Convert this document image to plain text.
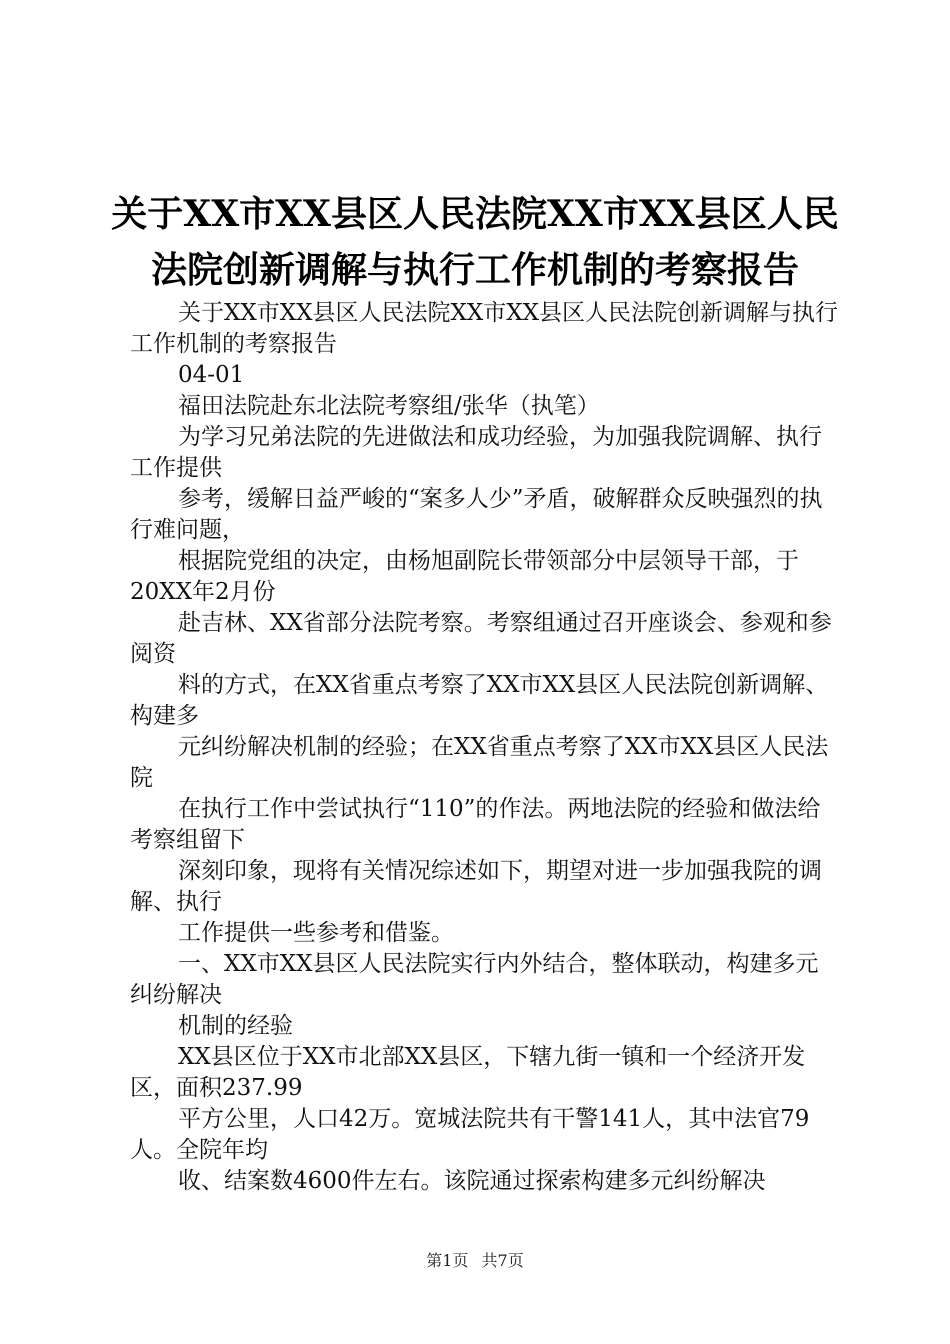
关于XX市XX县区人民法院XX市XX县区人民法院创新调解与执行工作机制的考察报告

关于XX市XX县区人民法院XX市XX县区人民法院创新调解与执行工作机制的考察报告

04-01

福田法院赴东北法院考察组/张华（执笔）

为学习兄弟法院的先进做法和成功经验，为加强我院调解、执行工作提供

参考，缓解日益严峻的“案多人少”矛盾，破解群众反映强烈的执行难问题，

根据院党组的决定，由杨旭副院长带领部分中层领导干部，于20XX年2月份

赴吉林、XX省部分法院考察。考察组通过召开座谈会、参观和参阅资

料的方式，在XX省重点考察了XX市XX县区人民法院创新调解、构建多

元纠纷解决机制的经验；在XX省重点考察了XX市XX县区人民法院

在执行工作中尝试执行“110”的作法。两地法院的经验和做法给考察组留下

深刻印象，现将有关情况综述如下，期望对进一步加强我院的调解、执行

工作提供一些参考和借鉴。

一、XX市XX县区人民法院实行内外结合，整体联动，构建多元纠纷解决

机制的经验

XX县区位于XX市北部XX县区，下辖九街一镇和一个经济开发区，面积237.99

平方公里，人口42万。宽城法院共有干警141人，其中法官79人。全院年均

收、结案数4600件左右。该院通过探索构建多元纠纷解决

第1页 共7页
